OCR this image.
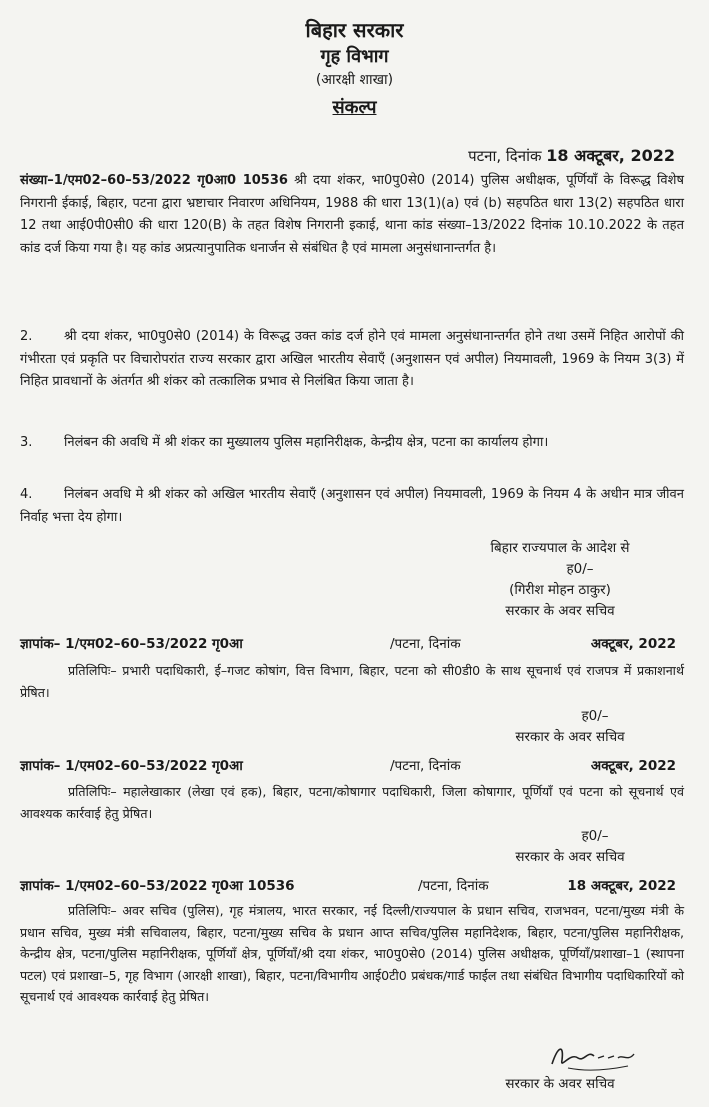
बिहार सरकार
गृह विभाग
(आरक्षी शाखा)
संकल्प
पटना, दिनांक 18 अक्टूबर, 2022
संख्या–1/एम02–60–53/2022 गृ0आ0 10536 श्री दया शंकर, भा0पु0से0 (2014) पुलिस अधीक्षक, पूर्णियाँ के विरूद्ध विशेष निगरानी ईकाई, बिहार, पटना द्वारा भ्रष्टाचार निवारण अधिनियम, 1988 की धारा 13(1)(a) एवं (b) सहपठित धारा 13(2) सहपठित धारा 12 तथा आई0पी0सी0 की धारा 120(B) के तहत विशेष निगरानी इकाई, थाना कांड संख्या–13/2022 दिनांक 10.10.2022 के तहत कांड दर्ज किया गया है। यह कांड अप्रत्यानुपातिक धनार्जन से संबंधित है एवं मामला अनुसंधानान्तर्गत है।
2. श्री दया शंकर, भा0पु0से0 (2014) के विरूद्ध उक्त कांड दर्ज होने एवं मामला अनुसंधानान्तर्गत होने तथा उसमें निहित आरोपों की गंभीरता एवं प्रकृति पर विचारोपरांत राज्य सरकार द्वारा अखिल भारतीय सेवाएँ (अनुशासन एवं अपील) नियमावली, 1969 के नियम 3(3) में निहित प्रावधानों के अंतर्गत श्री शंकर को तत्कालिक प्रभाव से निलंबित किया जाता है।
3. निलंबन की अवधि में श्री शंकर का मुख्यालय पुलिस महानिरीक्षक, केन्द्रीय क्षेत्र, पटना का कार्यालय होगा।
4. निलंबन अवधि मे श्री शंकर को अखिल भारतीय सेवाएँ (अनुशासन एवं अपील) नियमावली, 1969 के नियम 4 के अधीन मात्र जीवन निर्वाह भत्ता देय होगा।
बिहार राज्यपाल के आदेश से
ह0/–
(गिरीश मोहन ठाकुर)
सरकार के अवर सचिव
ज्ञापांक– 1/एम02–60–53/2022 गृ0आ	/पटना, दिनांक	अक्टूबर, 2022
प्रतिलिपिः– प्रभारी पदाधिकारी, ई–गजट कोषांग, वित्त विभाग, बिहार, पटना को सी0डी0 के साथ सूचनार्थ एवं राजपत्र में प्रकाशनार्थ प्रेषित।
ह0/–
सरकार के अवर सचिव
ज्ञापांक– 1/एम02–60–53/2022 गृ0आ	/पटना, दिनांक	अक्टूबर, 2022
प्रतिलिपिः– महालेखाकार (लेखा एवं हक), बिहार, पटना/कोषागार पदाधिकारी, जिला कोषागार, पूर्णियाँ एवं पटना को सूचनार्थ एवं आवश्यक कार्रवाई हेतु प्रेषित।
ह0/–
सरकार के अवर सचिव
ज्ञापांक– 1/एम02–60–53/2022 गृ0आ 10536	/पटना, दिनांक	18 अक्टूबर, 2022
प्रतिलिपिः– अवर सचिव (पुलिस), गृह मंत्रालय, भारत सरकार, नई दिल्ली/राज्यपाल के प्रधान सचिव, राजभवन, पटना/मुख्य मंत्री के प्रधान सचिव, मुख्य मंत्री सचिवालय, बिहार, पटना/मुख्य सचिव के प्रधान आप्त सचिव/पुलिस महानिदेशक, बिहार, पटना/पुलिस महानिरीक्षक, केन्द्रीय क्षेत्र, पटना/पुलिस महानिरीक्षक, पूर्णियाँ क्षेत्र, पूर्णियाँ/श्री दया शंकर, भा0पु0से0 (2014) पुलिस अधीक्षक, पूर्णियाँ/प्रशाखा–1 (स्थापना पटल) एवं प्रशाखा–5, गृह विभाग (आरक्षी शाखा), बिहार, पटना/विभागीय आई0टी0 प्रबंधक/गार्ड फाईल तथा संबंधित विभागीय पदाधिकारियों को सूचनार्थ एवं आवश्यक कार्रवाई हेतु प्रेषित।
सरकार के अवर सचिव
